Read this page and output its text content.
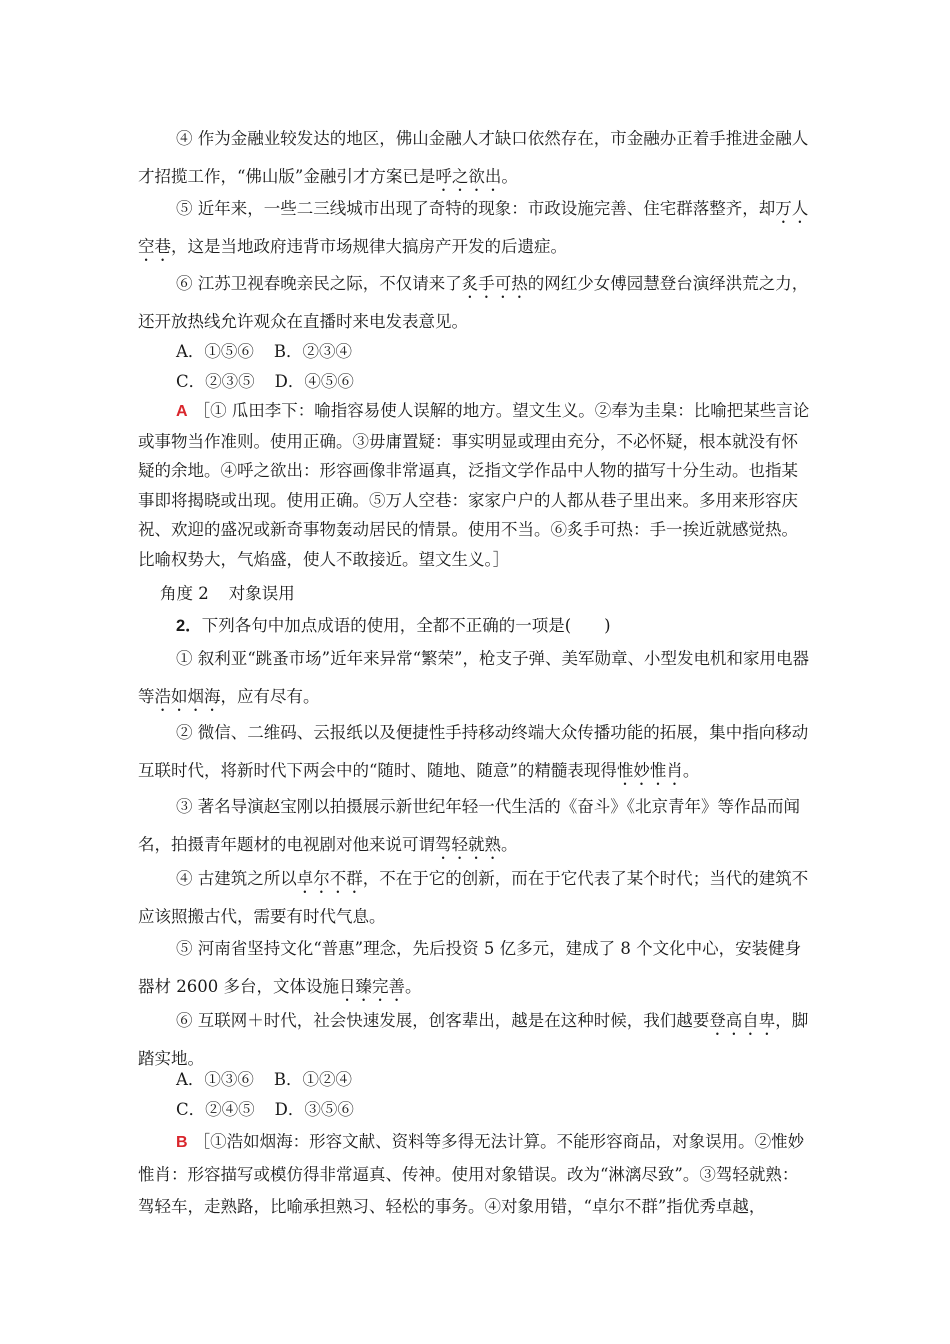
④ 作为金融业较发达的地区，佛山金融人才缺口依然存在，市金融办正着手推进金融人才招揽工作，“佛山版”金融引才方案已是呼之欲出。
⑤ 近年来，一些二三线城市出现了奇特的现象：市政设施完善、住宅群落整齐，却万人空巷，这是当地政府违背市场规律大搞房产开发的后遗症。
⑥ 江苏卫视春晚亲民之际，不仅请来了炙手可热的网红少女傅园慧登台演绎洪荒之力，还开放热线允许观众在直播时来电发表意见。
A．①⑤⑥ B．②③④
C．②③⑤ D．④⑤⑥
A ［① 瓜田李下：喻指容易使人误解的地方。望文生义。②奉为圭臬：比喻把某些言论或事物当作准则。使用正确。③毋庸置疑：事实明显或理由充分，不必怀疑，根本就没有怀疑的余地。④呼之欲出：形容画像非常逼真，泛指文学作品中人物的描写十分生动。也指某事即将揭晓或出现。使用正确。⑤万人空巷：家家户户的人都从巷子里出来。多用来形容庆祝、欢迎的盛况或新奇事物轰动居民的情景。使用不当。⑥炙手可热：手一挨近就感觉热。比喻权势大，气焰盛，使人不敢接近。望文生义。］
角度 2 对象误用
2．下列各句中加点成语的使用，全都不正确的一项是(　　)
① 叙利亚“跳蚤市场”近年来异常“繁荣”，枪支子弹、美军勋章、小型发电机和家用电器等浩如烟海，应有尽有。
② 微信、二维码、云报纸以及便捷性手持移动终端大众传播功能的拓展，集中指向移动互联时代，将新时代下两会中的“随时、随地、随意”的精髓表现得惟妙惟肖。
③ 著名导演赵宝刚以拍摄展示新世纪年轻一代生活的《奋斗》《北京青年》等作品而闻名，拍摄青年题材的电视剧对他来说可谓驾轻就熟。
④ 古建筑之所以卓尔不群，不在于它的创新，而在于它代表了某个时代；当代的建筑不应该照搬古代，需要有时代气息。
⑤ 河南省坚持文化“普惠”理念，先后投资 5 亿多元，建成了 8 个文化中心，安装健身器材 2600 多台，文体设施日臻完善。
⑥ 互联网＋时代，社会快速发展，创客辈出，越是在这种时候，我们越要登高自卑，脚踏实地。
A．①③⑥ B．①②④
C．②④⑤ D．③⑤⑥
B ［①浩如烟海：形容文献、资料等多得无法计算。不能形容商品，对象误用。②惟妙惟肖：形容描写或模仿得非常逼真、传神。使用对象错误。改为“淋漓尽致”。③驾轻就熟：驾轻车，走熟路，比喻承担熟习、轻松的事务。④对象用错，“卓尔不群”指优秀卓越，
